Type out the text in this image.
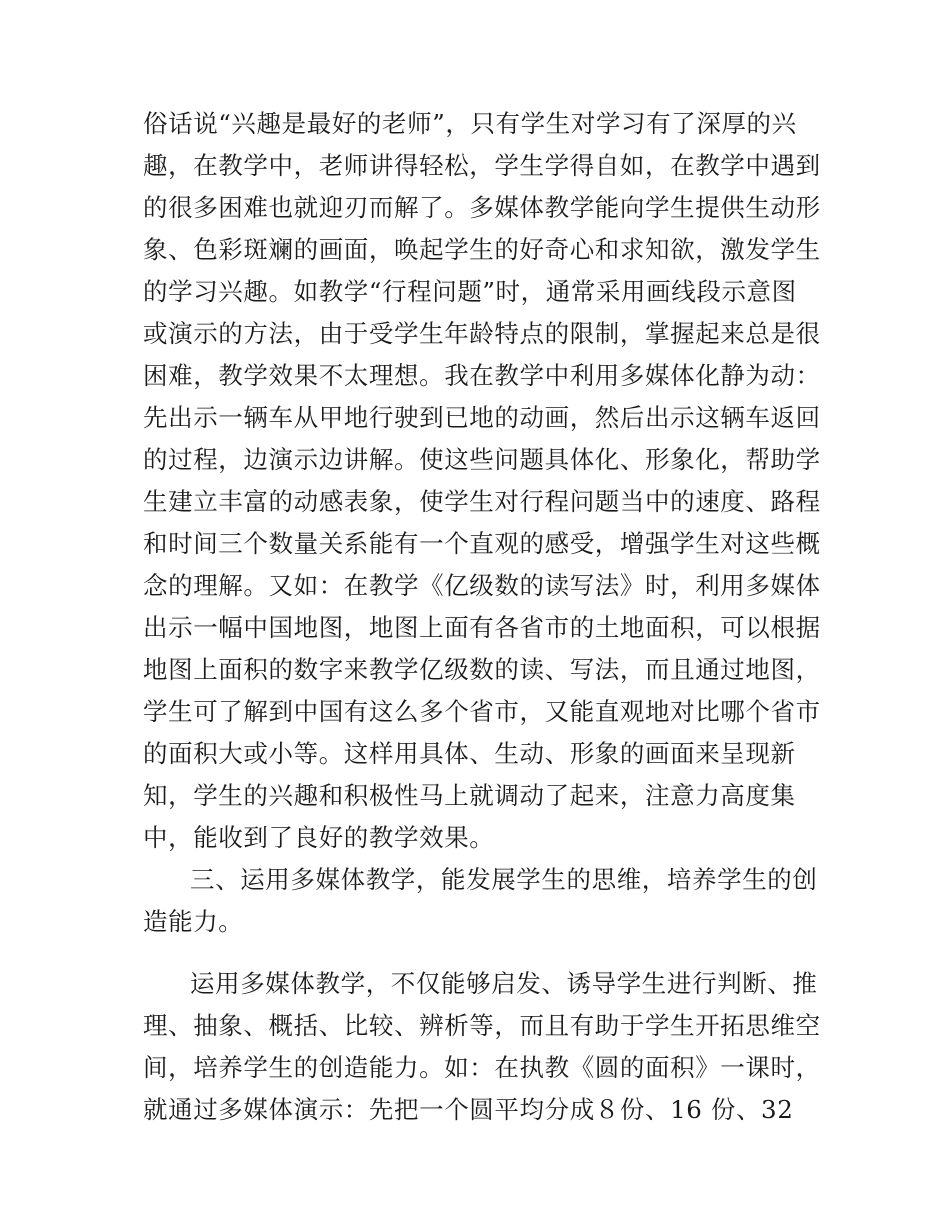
俗话说“兴趣是最好的老师”，只有学生对学习有了深厚的兴
趣，在教学中，老师讲得轻松，学生学得自如，在教学中遇到
的很多困难也就迎刃而解了。多媒体教学能向学生提供生动形
象、色彩斑斓的画面，唤起学生的好奇心和求知欲，激发学生
的学习兴趣。如教学“行程问题”时，通常采用画线段示意图
或演示的方法，由于受学生年龄特点的限制，掌握起来总是很
困难，教学效果不太理想。我在教学中利用多媒体化静为动：
先出示一辆车从甲地行驶到已地的动画，然后出示这辆车返回
的过程，边演示边讲解。使这些问题具体化、形象化，帮助学
生建立丰富的动感表象，使学生对行程问题当中的速度、路程
和时间三个数量关系能有一个直观的感受，增强学生对这些概
念的理解。又如：在教学《亿级数的读写法》时，利用多媒体
出示一幅中国地图，地图上面有各省市的土地面积，可以根据
地图上面积的数字来教学亿级数的读、写法，而且通过地图，
学生可了解到中国有这么多个省市，又能直观地对比哪个省市
的面积大或小等。这样用具体、生动、形象的画面来呈现新
知，学生的兴趣和积极性马上就调动了起来，注意力高度集
中，能收到了良好的教学效果。
三、运用多媒体教学，能发展学生的思维，培养学生的创
造能力。
运用多媒体教学，不仅能够启发、诱导学生进行判断、推
理、抽象、概括、比较、辨析等，而且有助于学生开拓思维空
间，培养学生的创造能力。如：在执教《圆的面积》一课时，
就通过多媒体演示：先把一个圆平均分成８份、16 份、32
